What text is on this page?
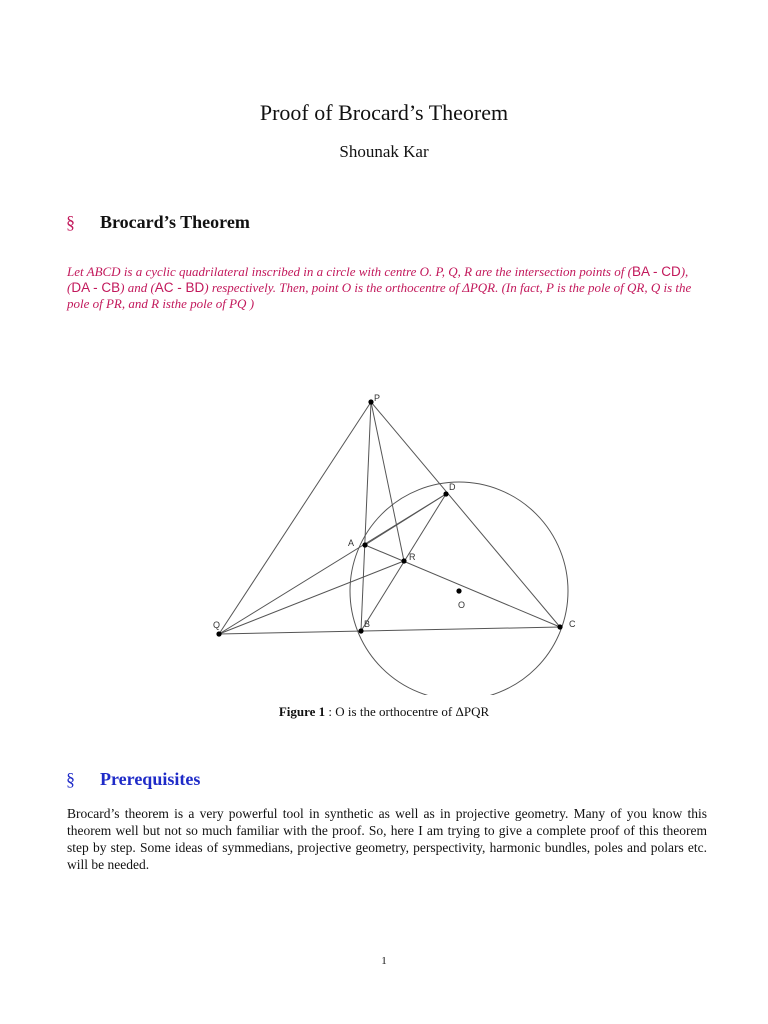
Proof of Brocard’s Theorem
Shounak Kar
§ Brocard’s Theorem
Let ABCD is a cyclic quadrilateral inscribed in a circle with centre O. P, Q, R are the intersection points of (BA - CD), (DA - CB) and (AC - BD) respectively. Then, point O is the orthocentre of ΔPQR. (In fact, P is the pole of QR, Q is the pole of PR, and R isthe pole of PQ )
P
D
A
R
O
Q	B	C
Figure 1 : O is the orthocentre of ΔPQR
§ Prerequisites
Brocard’s theorem is a very powerful tool in synthetic as well as in projective geometry. Many of you know this theorem well but not so much familiar with the proof. So, here I am trying to give a complete proof of this theorem step by step. Some ideas of symmedians, projective geometry, perspectivity, harmonic bundles, poles and polars etc. will be needed.
1
